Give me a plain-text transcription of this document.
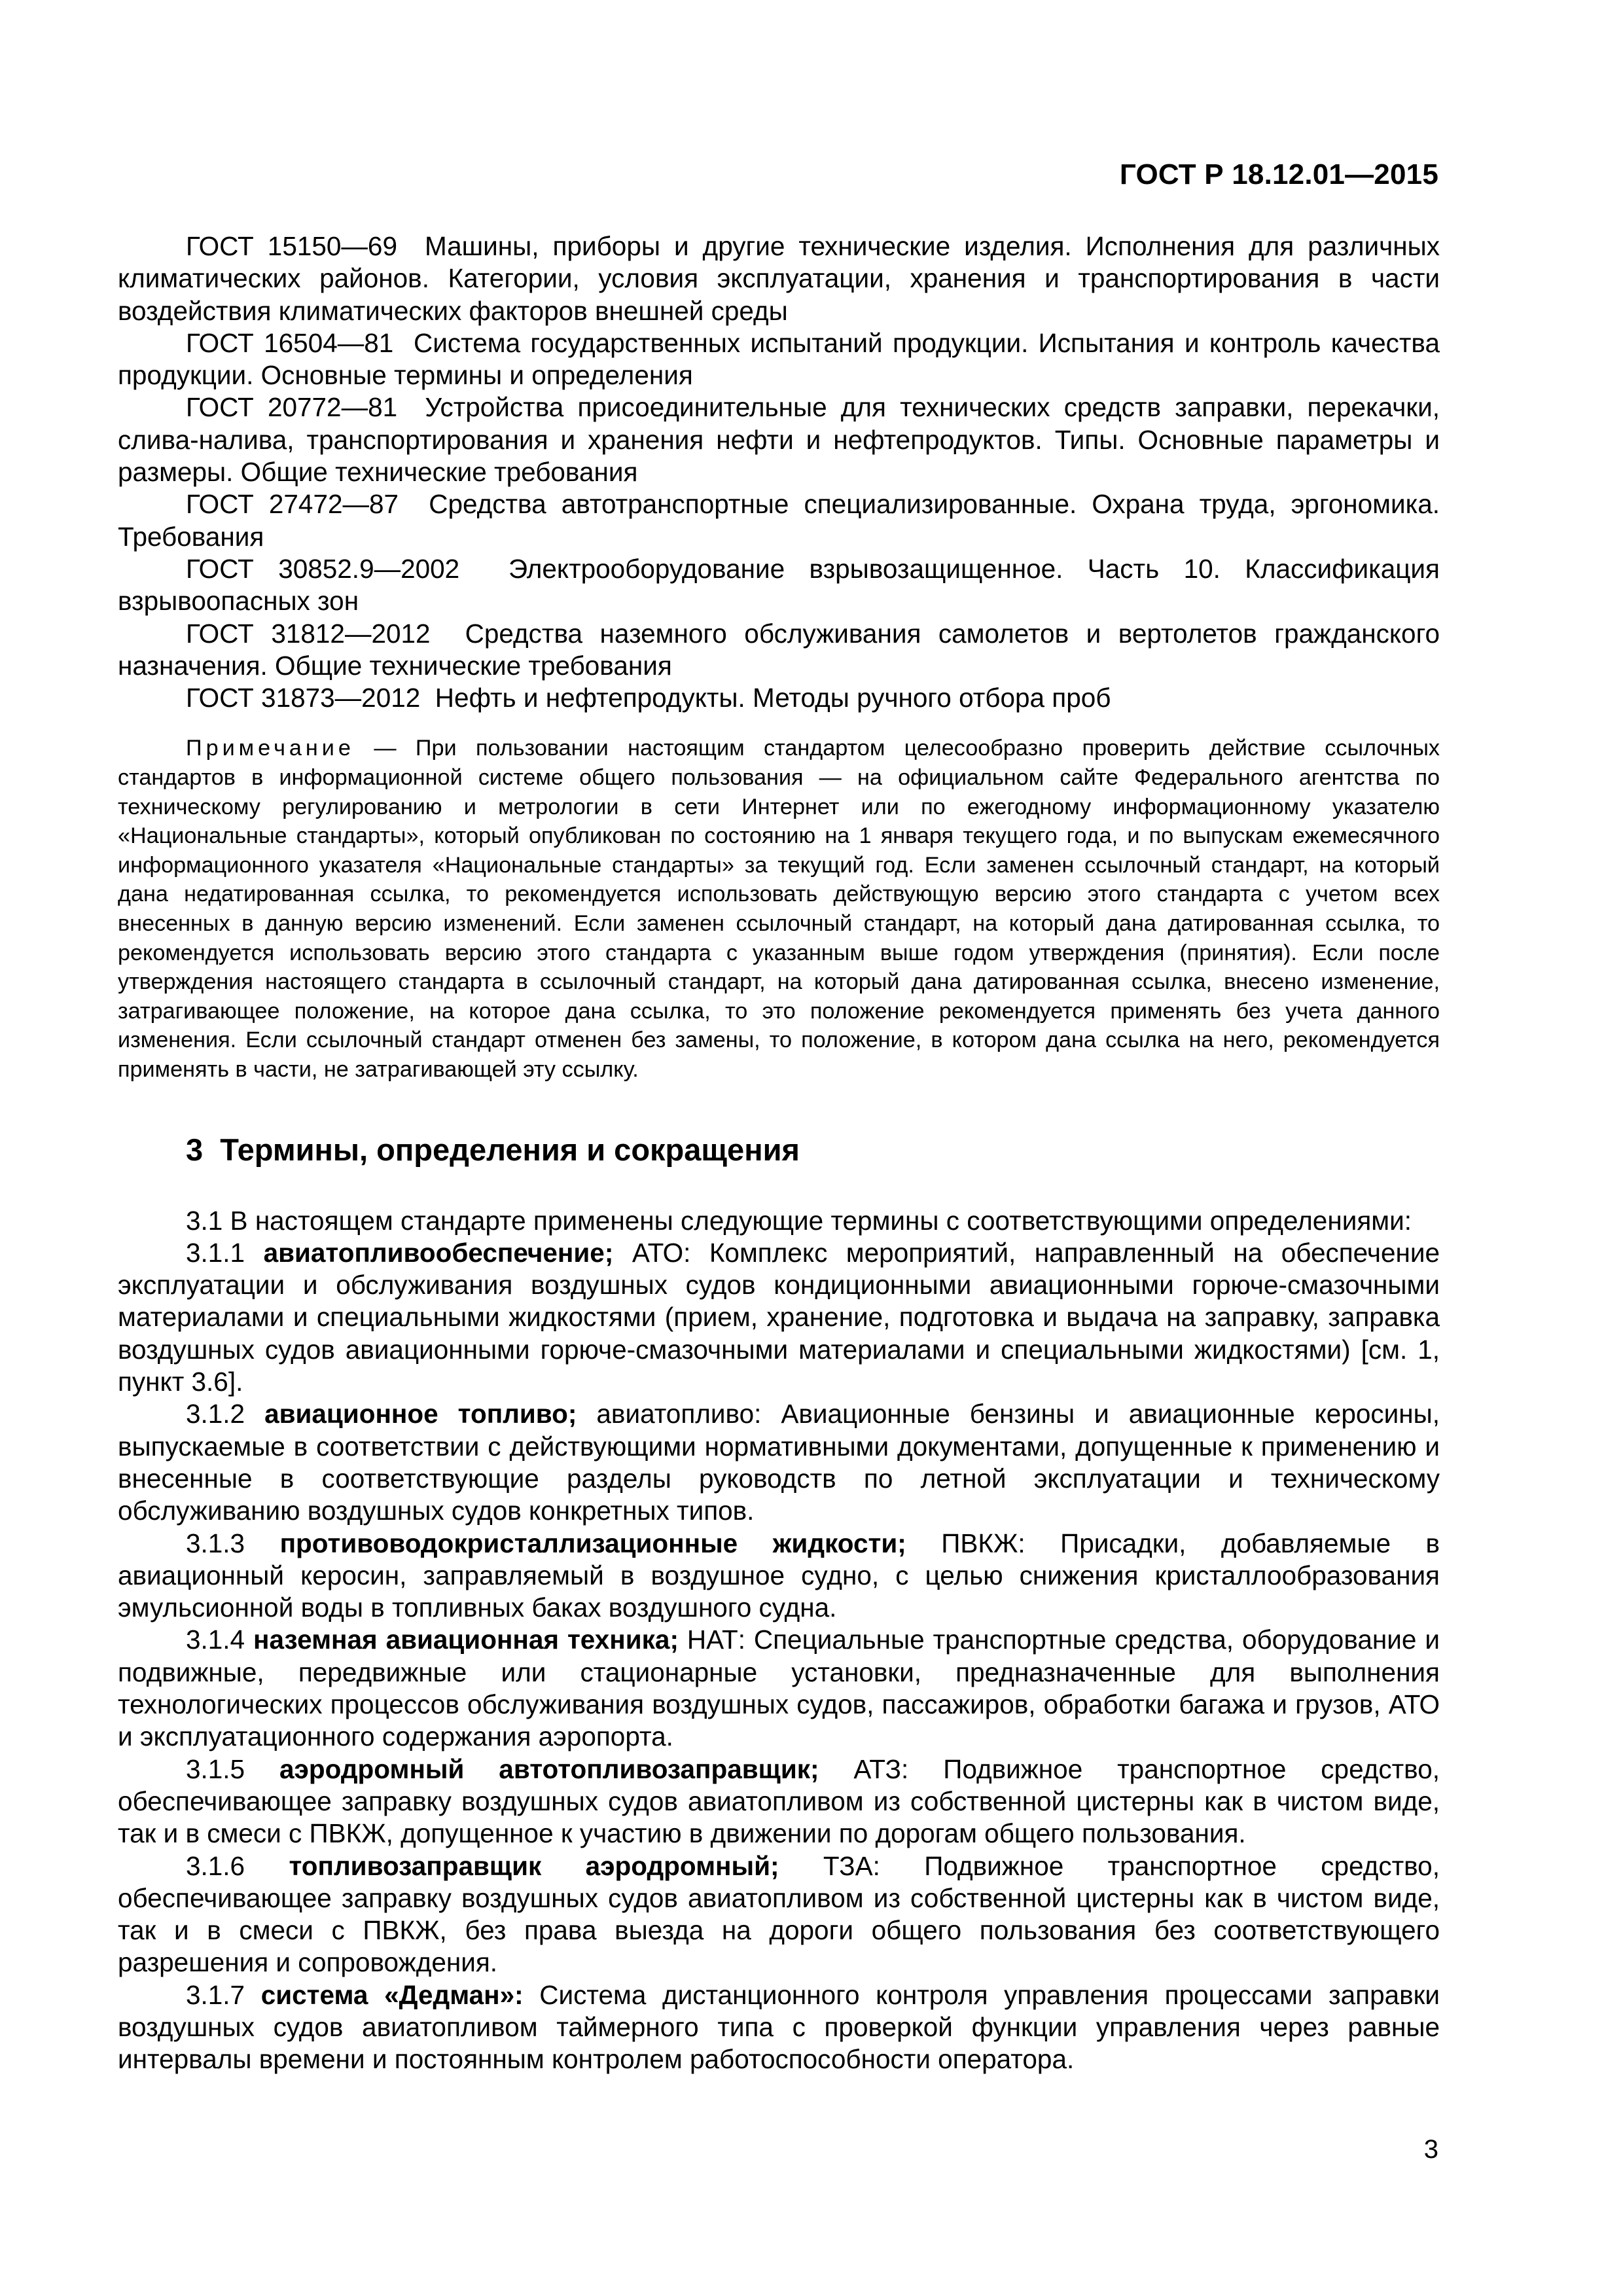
ГОСТ Р 18.12.01—2015

ГОСТ 15150—69 Машины, приборы и другие технические изделия. Исполнения для различных климатических районов. Категории, условия эксплуатации, хранения и транспортирования в части воздействия климатических факторов внешней среды

ГОСТ 16504—81 Система государственных испытаний продукции. Испытания и контроль качества продукции. Основные термины и определения

ГОСТ 20772—81 Устройства присоединительные для технических средств заправки, перекачки, слива-налива, транспортирования и хранения нефти и нефтепродуктов. Типы. Основные параметры и размеры. Общие технические требования

ГОСТ 27472—87 Средства автотранспортные специализированные. Охрана труда, эргономика. Требования

ГОСТ 30852.9—2002 Электрооборудование взрывозащищенное. Часть 10. Классификация взрывоопасных зон

ГОСТ 31812—2012 Средства наземного обслуживания самолетов и вертолетов гражданского назначения. Общие технические требования

ГОСТ 31873—2012 Нефть и нефтепродукты. Методы ручного отбора проб

Примечание — При пользовании настоящим стандартом целесообразно проверить действие ссылочных стандартов в информационной системе общего пользования — на официальном сайте Федерального агентства по техническому регулированию и метрологии в сети Интернет или по ежегодному информационному указателю «Национальные стандарты», который опубликован по состоянию на 1 января текущего года, и по выпускам ежемесячного информационного указателя «Национальные стандарты» за текущий год. Если заменен ссылочный стандарт, на который дана недатированная ссылка, то рекомендуется использовать действующую версию этого стандарта с учетом всех внесенных в данную версию изменений. Если заменен ссылочный стандарт, на который дана датированная ссылка, то рекомендуется использовать версию этого стандарта с указанным выше годом утверждения (принятия). Если после утверждения настоящего стандарта в ссылочный стандарт, на который дана датированная ссылка, внесено изменение, затрагивающее положение, на которое дана ссылка, то это положение рекомендуется применять без учета данного изменения. Если ссылочный стандарт отменен без замены, то положение, в котором дана ссылка на него, рекомендуется применять в части, не затрагивающей эту ссылку.

3 Термины, определения и сокращения

3.1 В настоящем стандарте применены следующие термины с соответствующими определениями:

3.1.1 авиатопливообеспечение; АТО: Комплекс мероприятий, направленный на обеспечение эксплуатации и обслуживания воздушных судов кондиционными авиационными горюче-смазочными материалами и специальными жидкостями (прием, хранение, подготовка и выдача на заправку, заправка воздушных судов авиационными горюче-смазочными материалами и специальными жидкостями) [см. 1, пункт 3.6].

3.1.2 авиационное топливо; авиатопливо: Авиационные бензины и авиационные керосины, выпускаемые в соответствии с действующими нормативными документами, допущенные к применению и внесенные в соответствующие разделы руководств по летной эксплуатации и техническому обслуживанию воздушных судов конкретных типов.

3.1.3 противоводокристаллизационные жидкости; ПВКЖ: Присадки, добавляемые в авиационный керосин, заправляемый в воздушное судно, с целью снижения кристаллообразования эмульсионной воды в топливных баках воздушного судна.

3.1.4 наземная авиационная техника; НАТ: Специальные транспортные средства, оборудование и подвижные, передвижные или стационарные установки, предназначенные для выполнения технологических процессов обслуживания воздушных судов, пассажиров, обработки багажа и грузов, АТО и эксплуатационного содержания аэропорта.

3.1.5 аэродромный автотопливозаправщик; АТЗ: Подвижное транспортное средство, обеспечивающее заправку воздушных судов авиатопливом из собственной цистерны как в чистом виде, так и в смеси с ПВКЖ, допущенное к участию в движении по дорогам общего пользования.

3.1.6 топливозаправщик аэродромный; ТЗА: Подвижное транспортное средство, обеспечивающее заправку воздушных судов авиатопливом из собственной цистерны как в чистом виде, так и в смеси с ПВКЖ, без права выезда на дороги общего пользования без соответствующего разрешения и сопровождения.

3.1.7 система «Дедман»: Система дистанционного контроля управления процессами заправки воздушных судов авиатопливом таймерного типа с проверкой функции управления через равные интервалы времени и постоянным контролем работоспособности оператора.

3
